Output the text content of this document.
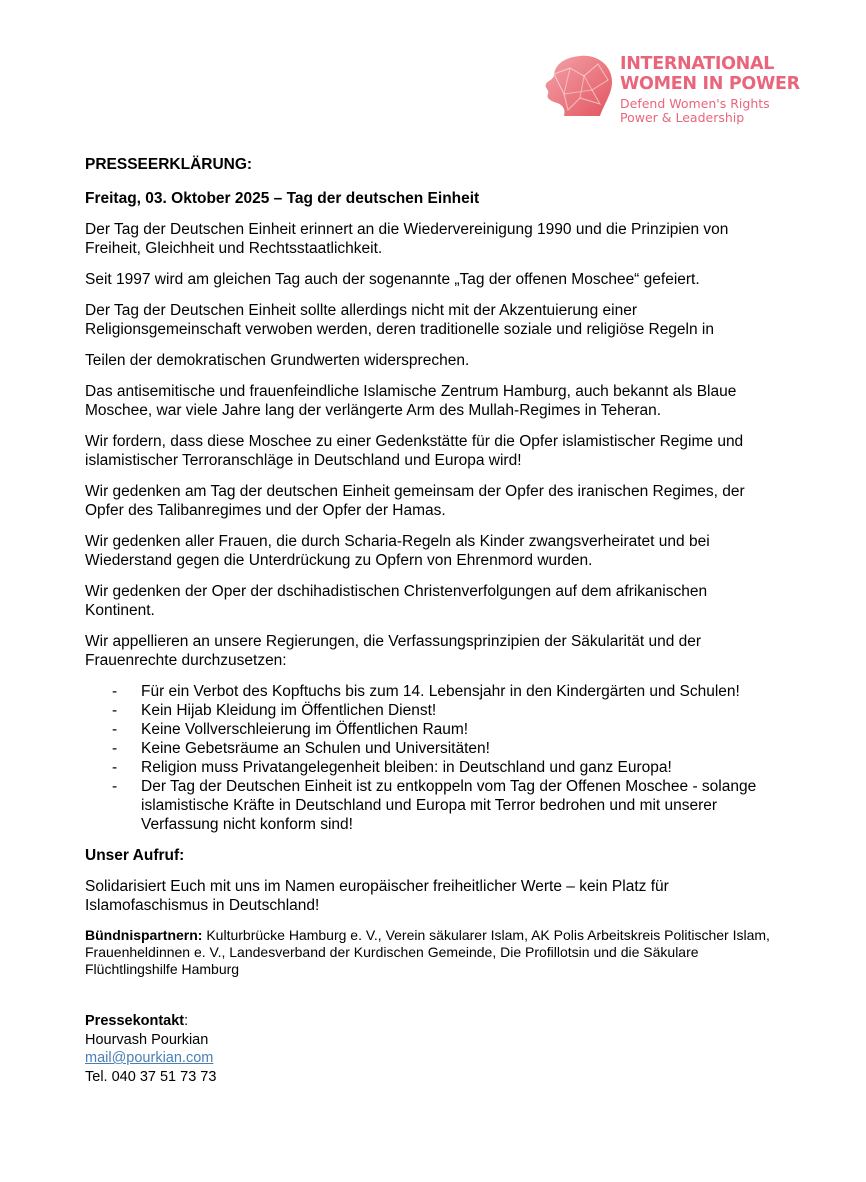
INTERNATIONAL
WOMEN IN POWER
Defend Women's Rights
Power & Leadership

PRESSEERKLÄRUNG:

Freitag, 03. Oktober 2025 – Tag der deutschen Einheit

Der Tag der Deutschen Einheit erinnert an die Wiedervereinigung 1990 und die Prinzipien von Freiheit, Gleichheit und Rechtsstaatlichkeit.

Seit 1997 wird am gleichen Tag auch der sogenannte „Tag der offenen Moschee“ gefeiert.

Der Tag der Deutschen Einheit sollte allerdings nicht mit der Akzentuierung einer Religionsgemeinschaft verwoben werden, deren traditionelle soziale und religiöse Regeln in

Teilen der demokratischen Grundwerten widersprechen.

Das antisemitische und frauenfeindliche Islamische Zentrum Hamburg, auch bekannt als Blaue Moschee, war viele Jahre lang der verlängerte Arm des Mullah-Regimes in Teheran.

Wir fordern, dass diese Moschee zu einer Gedenkstätte für die Opfer islamistischer Regime und islamistischer Terroranschläge in Deutschland und Europa wird!

Wir gedenken am Tag der deutschen Einheit gemeinsam der Opfer des iranischen Regimes, der Opfer des Talibanregimes und der Opfer der Hamas.

Wir gedenken aller Frauen, die durch Scharia-Regeln als Kinder zwangsverheiratet und bei Wiederstand gegen die Unterdrückung zu Opfern von Ehrenmord wurden.

Wir gedenken der Oper der dschihadistischen Christenverfolgungen auf dem afrikanischen Kontinent.

Wir appellieren an unsere Regierungen, die Verfassungsprinzipien der Säkularität und der Frauenrechte durchzusetzen:

- Für ein Verbot des Kopftuchs bis zum 14. Lebensjahr in den Kindergärten und Schulen!
- Kein Hijab Kleidung im Öffentlichen Dienst!
- Keine Vollverschleierung im Öffentlichen Raum!
- Keine Gebetsräume an Schulen und Universitäten!
- Religion muss Privatangelegenheit bleiben: in Deutschland und ganz Europa!
- Der Tag der Deutschen Einheit ist zu entkoppeln vom Tag der Offenen Moschee - solange islamistische Kräfte in Deutschland und Europa mit Terror bedrohen und mit unserer Verfassung nicht konform sind!

Unser Aufruf:

Solidarisiert Euch mit uns im Namen europäischer freiheitlicher Werte – kein Platz für Islamofaschismus in Deutschland!

Bündnispartnern: Kulturbrücke Hamburg e. V., Verein säkularer Islam, AK Polis Arbeitskreis Politischer Islam, Frauenheldinnen e. V., Landesverband der Kurdischen Gemeinde, Die Profillotsin und die Säkulare Flüchtlingshilfe Hamburg

Pressekontakt:

Hourvash Pourkian

mail@pourkian.com

Tel. 040 37 51 73 73
